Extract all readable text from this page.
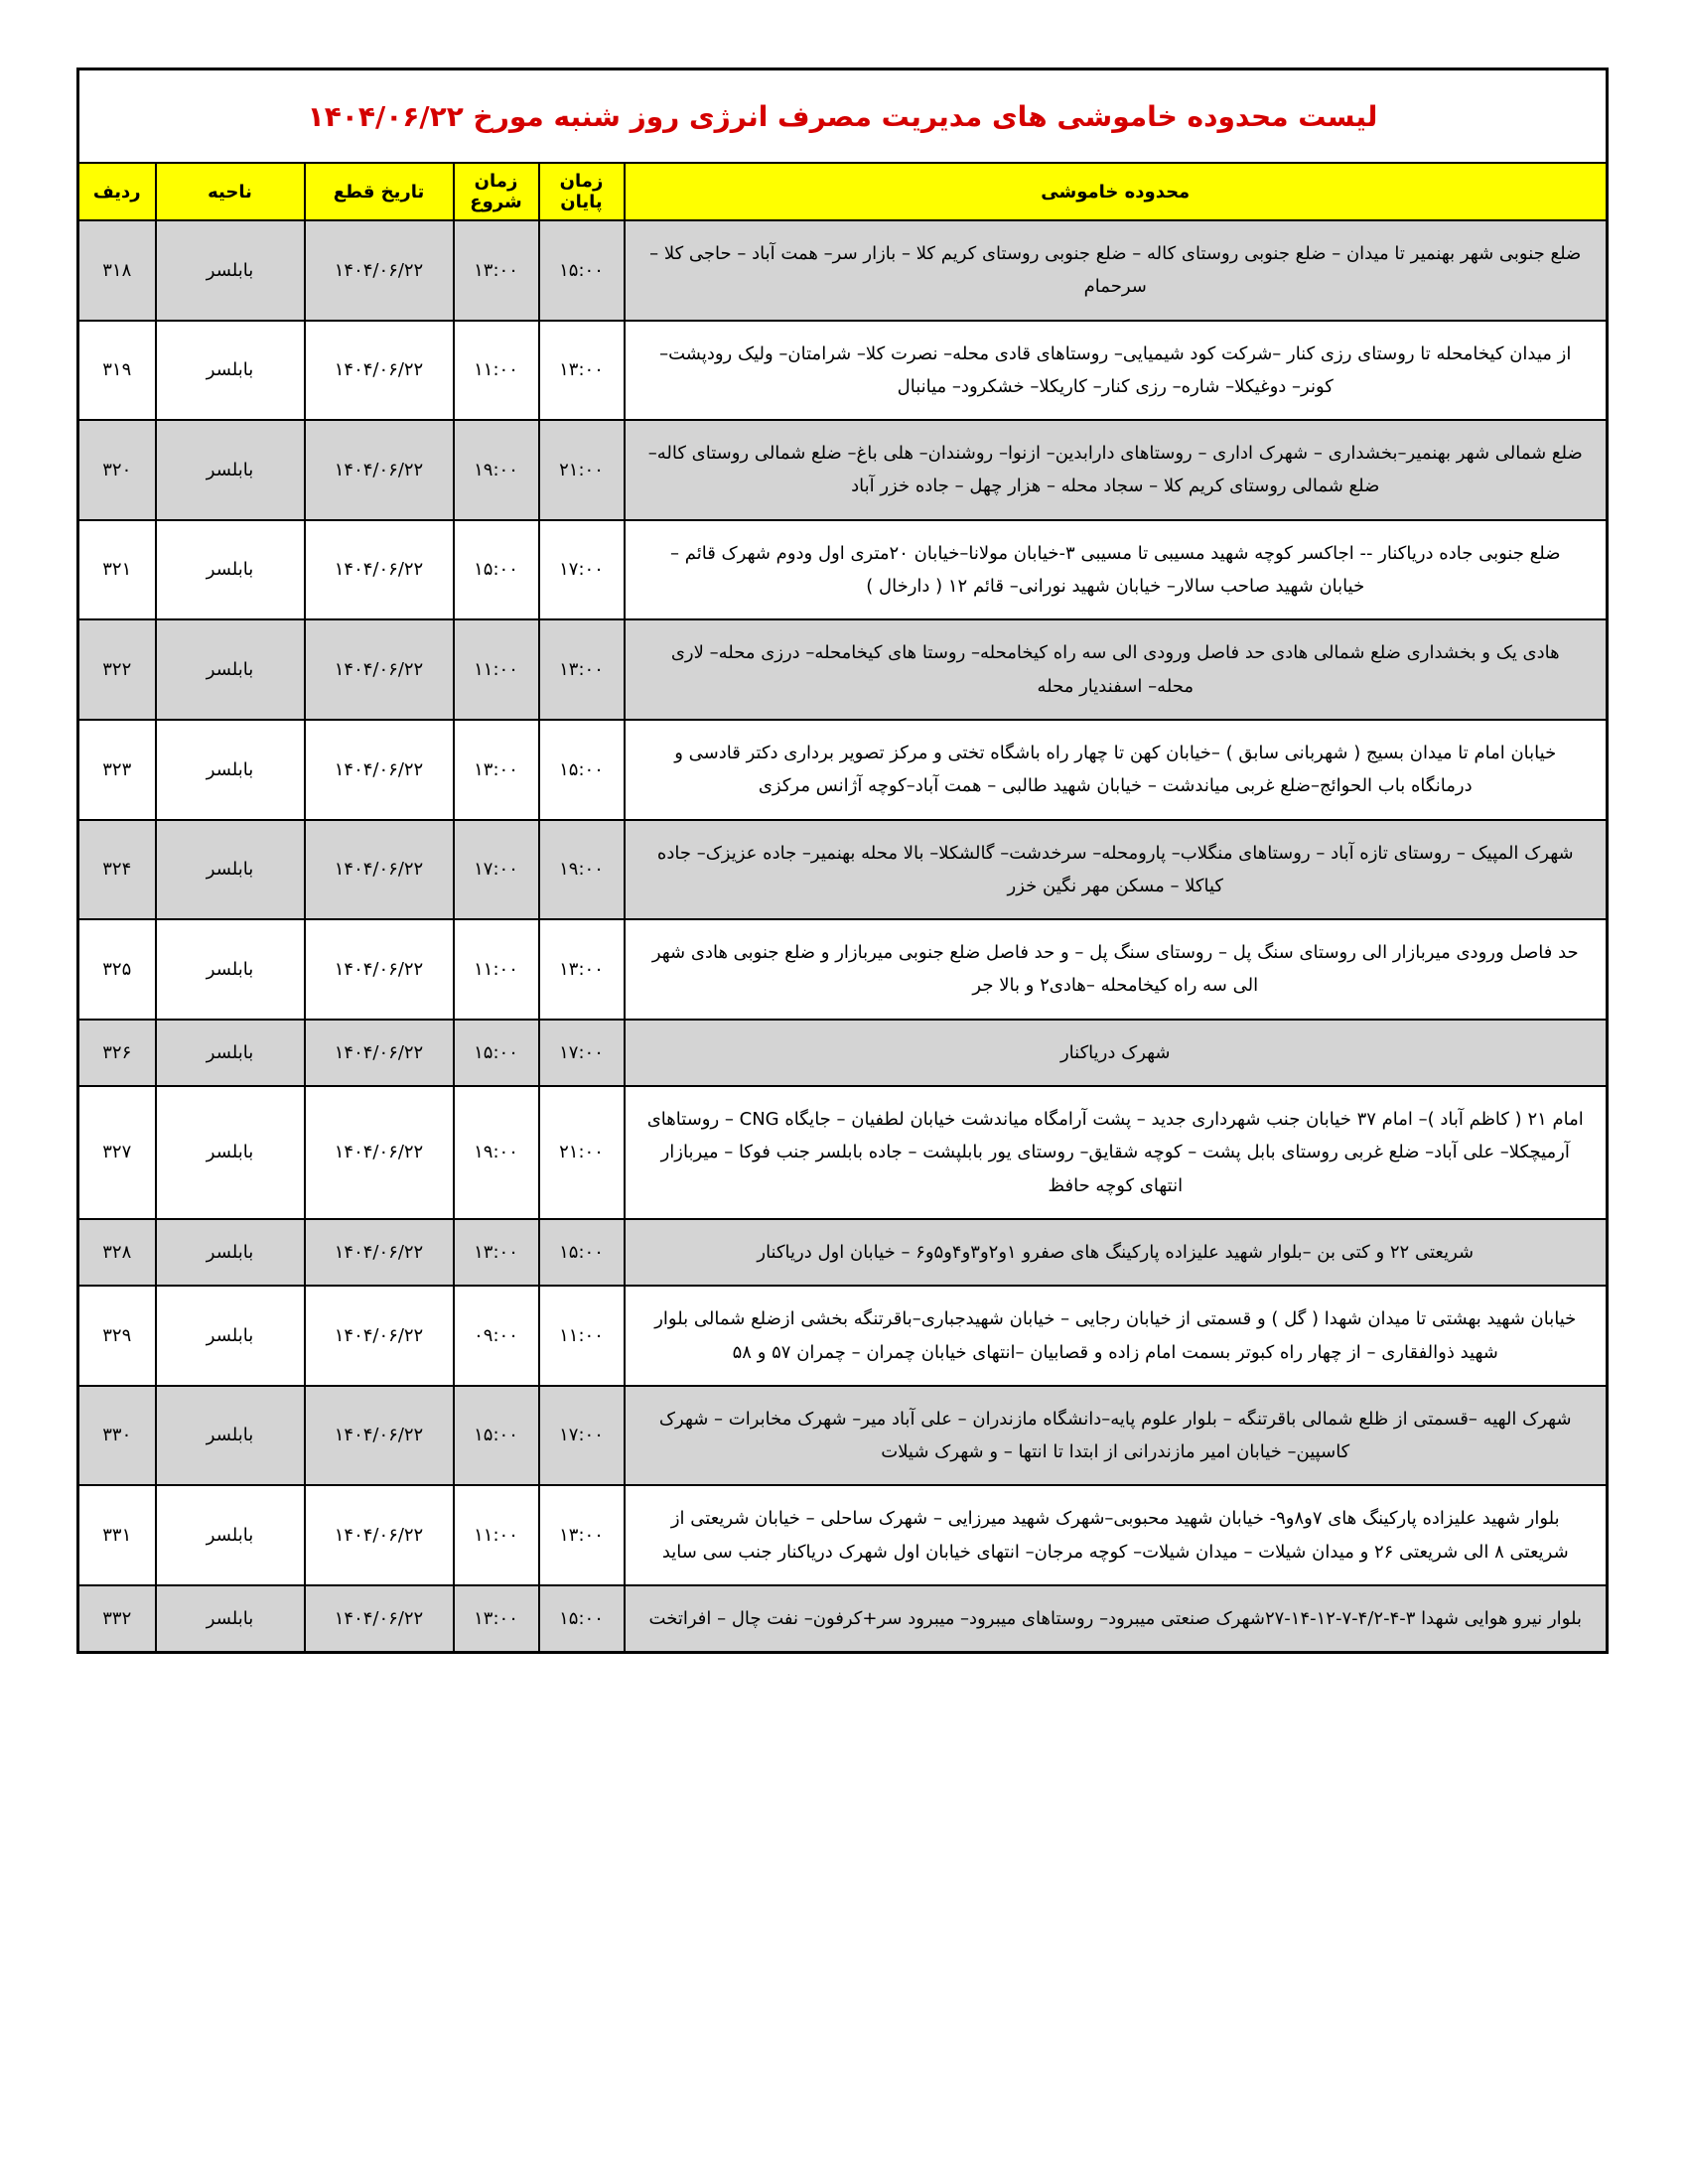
لیست محدوده خاموشی های مدیریت مصرف انرژی روز شنبه مورخ ۱۴۰۴/۰۶/۲۲					
محدوده خاموشی	زمان پایان	زمان شروع	تاریخ قطع	ناحیه	ردیف
ضلع جنوبی شهر بهنمیر تا میدان – ضلع جنوبی روستای کاله – ضلع جنوبی روستای کریم کلا – بازار سر– همت آباد – حاجی کلا – سرحمام	۱۵:۰۰	۱۳:۰۰	۱۴۰۴/۰۶/۲۲	بابلسر	۳۱۸
از میدان کیخامحله تا روستای رزی کنار –شرکت کود شیمیایی– روستاهای قادی محله– نصرت کلا– شرامتان– ولیک رودپشت– کونر– دوغیکلا– شاره– رزی کنار– کاریکلا– خشکرود– میانبال	۱۳:۰۰	۱۱:۰۰	۱۴۰۴/۰۶/۲۲	بابلسر	۳۱۹
ضلع شمالی شهر بهنمیر–بخشداری – شهرک اداری – روستاهای دارابدین– ازنوا– روشندان– هلی باغ– ضلع شمالی روستای کاله– ضلع شمالی روستای کریم کلا – سجاد محله – هزار چهل – جاده خزر آباد	۲۱:۰۰	۱۹:۰۰	۱۴۰۴/۰۶/۲۲	بابلسر	۳۲۰
ضلع جنوبی جاده دریاکنار -- اجاکسر کوچه شهید مسیبی تا مسیبی ۳-خیابان مولانا–خیابان ۲۰متری اول ودوم شهرک قائم – خیابان شهید صاحب سالار– خیابان شهید نورانی– قائم ۱۲ ( دارخال )	۱۷:۰۰	۱۵:۰۰	۱۴۰۴/۰۶/۲۲	بابلسر	۳۲۱
هادی یک و بخشداری ضلع شمالی هادی حد فاصل ورودی الی سه راه کیخامحله– روستا های کیخامحله– درزی محله– لاری محله– اسفندیار محله	۱۳:۰۰	۱۱:۰۰	۱۴۰۴/۰۶/۲۲	بابلسر	۳۲۲
خیابان امام تا میدان بسیج ( شهربانی سابق ) –خیابان کهن تا چهار راه باشگاه تختی و مرکز تصویر برداری دکتر قادسی و درمانگاه باب الحوائج–ضلع غربی میاندشت – خیابان شهید طالبی – همت آباد–کوچه آژانس مرکزی	۱۵:۰۰	۱۳:۰۰	۱۴۰۴/۰۶/۲۲	بابلسر	۳۲۳
شهرک المپیک – روستای تازه آباد – روستاهای منگلاب– پارومحله– سرخدشت– گالشکلا– بالا محله بهنمیر– جاده عزیزک– جاده کیاکلا – مسکن مهر نگین خزر	۱۹:۰۰	۱۷:۰۰	۱۴۰۴/۰۶/۲۲	بابلسر	۳۲۴
حد فاصل ورودی میربازار الی روستای سنگ پل – روستای سنگ پل – و حد فاصل ضلع جنوبی میربازار و ضلع جنوبی هادی شهر الی سه راه کیخامحله –هادی۲ و بالا جر	۱۳:۰۰	۱۱:۰۰	۱۴۰۴/۰۶/۲۲	بابلسر	۳۲۵
شهرک دریاکنار	۱۷:۰۰	۱۵:۰۰	۱۴۰۴/۰۶/۲۲	بابلسر	۳۲۶
امام ۲۱ ( کاظم آباد )– امام ۳۷ خیابان جنب شهرداری جدید – پشت آرامگاه میاندشت خیابان لطفیان – جایگاه CNG – روستاهای آرمیچکلا– علی آباد– ضلع غربی روستای بابل پشت – کوچه شقایق– روستای یور بابلپشت – جاده بابلسر جنب فوکا – میربازار انتهای کوچه حافظ	۲۱:۰۰	۱۹:۰۰	۱۴۰۴/۰۶/۲۲	بابلسر	۳۲۷
شریعتی ۲۲ و کتی بن –بلوار شهید علیزاده پارکینگ های صفرو ۱و۲و۳و۴و۵و۶ – خیابان اول دریاکنار	۱۵:۰۰	۱۳:۰۰	۱۴۰۴/۰۶/۲۲	بابلسر	۳۲۸
خیابان شهید بهشتی تا میدان شهدا ( گل ) و قسمتی از خیابان رجایی – خیابان شهیدجباری–باقرتنگه بخشی ازضلع شمالی بلوار شهید ذوالفقاری – از چهار راه کبوتر بسمت امام زاده و قصابیان –انتهای خیابان چمران – چمران ۵۷ و ۵۸	۱۱:۰۰	۰۹:۰۰	۱۴۰۴/۰۶/۲۲	بابلسر	۳۲۹
شهرک الهیه –قسمتی از ظلع شمالی باقرتنگه – بلوار علوم پایه–دانشگاه مازندران – علی آباد میر– شهرک مخابرات – شهرک کاسپین– خیابان امیر مازندرانی از ابتدا تا انتها – و شهرک شیلات	۱۷:۰۰	۱۵:۰۰	۱۴۰۴/۰۶/۲۲	بابلسر	۳۳۰
بلوار شهید علیزاده پارکینگ های ۷و۸و۹- خیابان شهید محبوبی–شهرک شهید میرزایی – شهرک ساحلی – خیابان شریعتی از شریعتی ۸ الی شریعتی ۲۶ و میدان شیلات – میدان شیلات– کوچه مرجان– انتهای خیابان اول شهرک دریاکنار جنب سی ساید	۱۳:۰۰	۱۱:۰۰	۱۴۰۴/۰۶/۲۲	بابلسر	۳۳۱
بلوار نیرو هوایی شهدا ۳-۴-۴/۲-۷-۱۲-۱۴-۲۷شهرک صنعتی میبرود– روستاهای میبرود– میبرود سر+کرفون– نفت چال – افراتخت	۱۵:۰۰	۱۳:۰۰	۱۴۰۴/۰۶/۲۲	بابلسر	۳۳۲
